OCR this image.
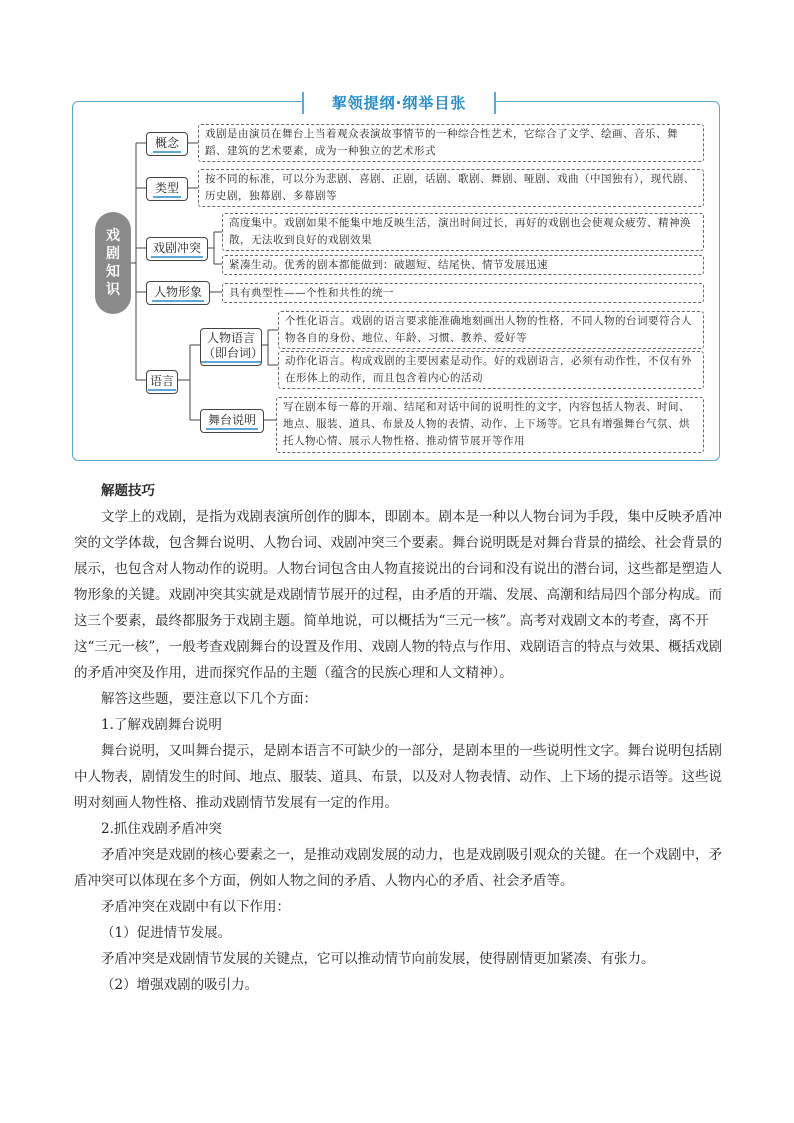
挈领提纲·纲举目张
戏
剧
知
识
概念
类型
戏剧冲突
人物形象
语言
人物语言（即台词）
舞台说明
戏剧是由演员在舞台上当着观众表演故事情节的一种综合性艺术，它综合了文学、绘画、音乐、舞蹈、建筑的艺术要素，成为一种独立的艺术形式
按不同的标准，可以分为悲剧、喜剧、正剧，话剧、歌剧、舞剧、哑剧、戏曲（中国独有），现代剧、历史剧，独幕剧、多幕剧等
高度集中。戏剧如果不能集中地反映生活，演出时间过长，再好的戏剧也会使观众疲劳、精神涣散，无法收到良好的戏剧效果
紧凑生动。优秀的剧本都能做到：破题短、结尾快、情节发展迅速
具有典型性——个性和共性的统一
个性化语言。戏剧的语言要求能准确地刻画出人物的性格，不同人物的台词要符合人物各自的身份、地位、年龄、习惯、教养、爱好等
动作化语言。构成戏剧的主要因素是动作。好的戏剧语言，必须有动作性，不仅有外在形体上的动作，而且包含着内心的活动
写在剧本每一幕的开端、结尾和对话中间的说明性的文字，内容包括人物表、时间、地点、服装、道具、布景及人物的表情、动作、上下场等。它具有增强舞台气氛、烘托人物心情、展示人物性格、推动情节展开等作用

解题技巧

文学上的戏剧，是指为戏剧表演所创作的脚本，即剧本。剧本是一种以人物台词为手段，集中反映矛盾冲突的文学体裁，包含舞台说明、人物台词、戏剧冲突三个要素。舞台说明既是对舞台背景的描绘、社会背景的展示，也包含对人物动作的说明。人物台词包含由人物直接说出的台词和没有说出的潜台词，这些都是塑造人物形象的关键。戏剧冲突其实就是戏剧情节展开的过程，由矛盾的开端、发展、高潮和结局四个部分构成。而这三个要素，最终都服务于戏剧主题。简单地说，可以概括为“三元一核”。高考对戏剧文本的考查，离不开这“三元一核”，一般考查戏剧舞台的设置及作用、戏剧人物的特点与作用、戏剧语言的特点与效果、概括戏剧的矛盾冲突及作用，进而探究作品的主题（蕴含的民族心理和人文精神）。

解答这些题，要注意以下几个方面：

1.了解戏剧舞台说明

舞台说明，又叫舞台提示，是剧本语言不可缺少的一部分，是剧本里的一些说明性文字。舞台说明包括剧中人物表，剧情发生的时间、地点、服装、道具、布景，以及对人物表情、动作、上下场的提示语等。这些说明对刻画人物性格、推动戏剧情节发展有一定的作用。

2.抓住戏剧矛盾冲突

矛盾冲突是戏剧的核心要素之一，是推动戏剧发展的动力，也是戏剧吸引观众的关键。在一个戏剧中，矛盾冲突可以体现在多个方面，例如人物之间的矛盾、人物内心的矛盾、社会矛盾等。

矛盾冲突在戏剧中有以下作用：

（1）促进情节发展。

矛盾冲突是戏剧情节发展的关键点，它可以推动情节向前发展，使得剧情更加紧凑、有张力。

（2）增强戏剧的吸引力。
